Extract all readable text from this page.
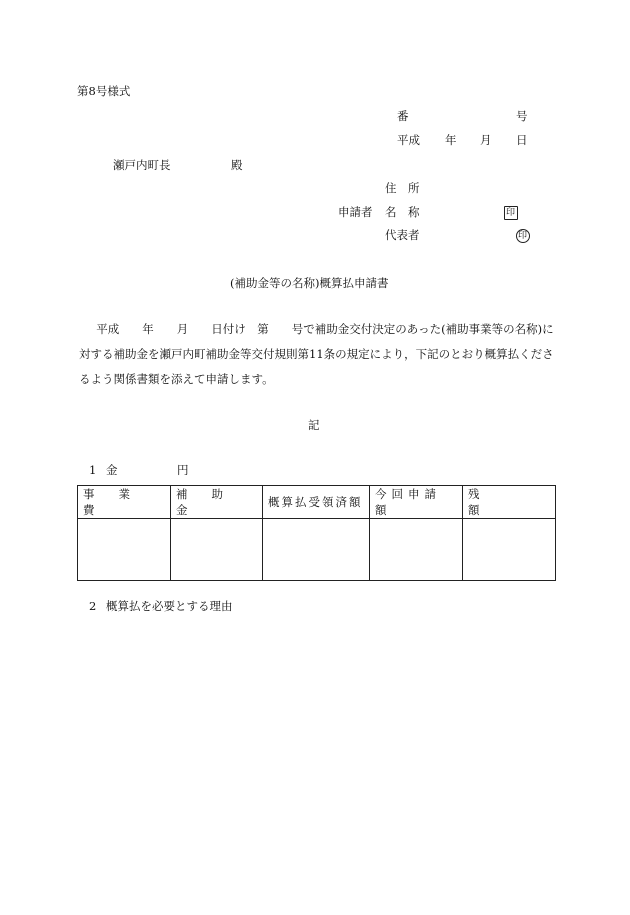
第8号様式
番	号
平成 年 月 日
瀬戸内町長	殿
住　所
申請者 名　称	印
代表者	印
(補助金等の名称)概算払申請書
平成　　年　　月　　日付け　第　　号で補助金交付決定のあった(補助事業等の名称)に対する補助金を瀬戸内町補助金等交付規則第11条の規定により，下記のとおり概算払くださるよう関係書類を添えて申請します。
記
1 金	円
事業費	補助金	概算払受領済額	今回申請額	残額

2 概算払を必要とする理由
